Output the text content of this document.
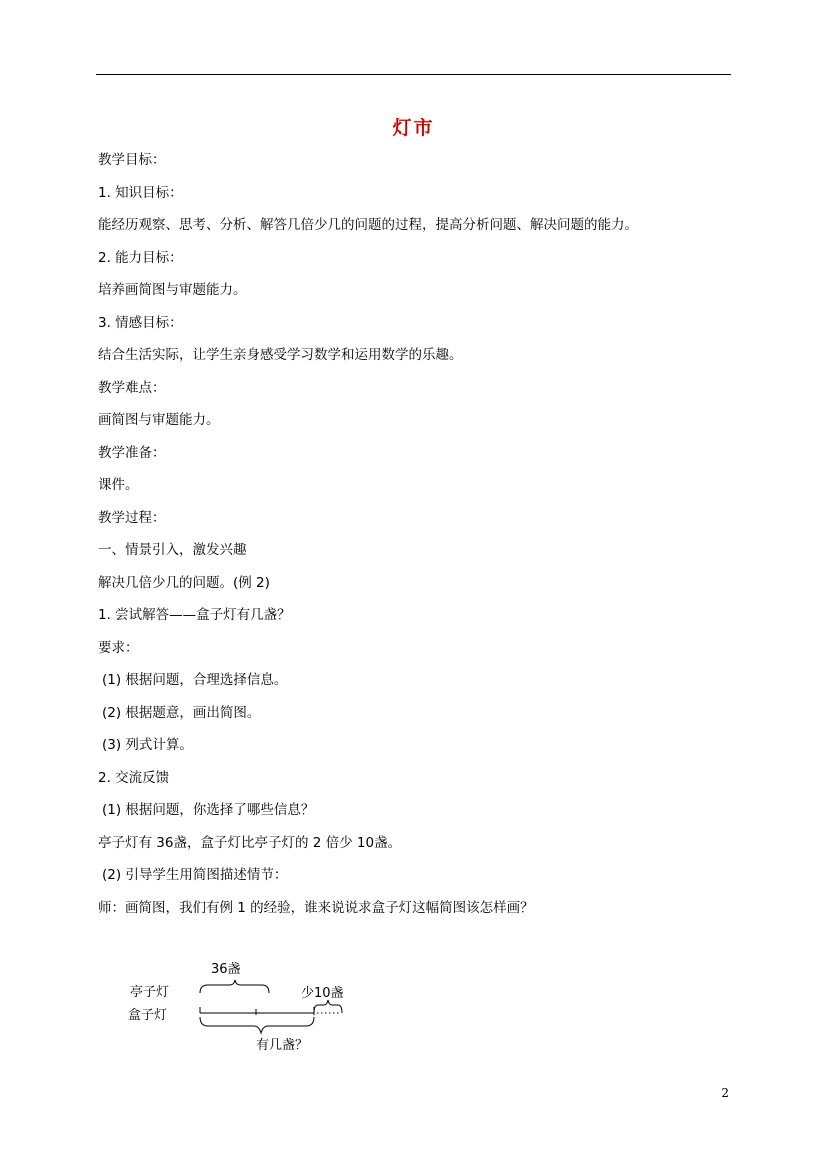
灯市
教学目标：
1. 知识目标：
能经历观察、思考、分析、解答几倍少几的问题的过程，提高分析问题、解决问题的能力。
2. 能力目标：
培养画简图与审题能力。
3. 情感目标：
结合生活实际，让学生亲身感受学习数学和运用数学的乐趣。
教学难点：
画简图与审题能力。
教学准备：
课件。
教学过程：
一、情景引入，激发兴趣
解决几倍少几的问题。(例 2)
1. 尝试解答——盒子灯有几盏？
要求：
(1) 根据问题，合理选择信息。
(2) 根据题意，画出简图。
(3) 列式计算。
2. 交流反馈
(1) 根据问题，你选择了哪些信息？
亭子灯有 36盏，盒子灯比亭子灯的 2 倍少 10盏。
(2) 引导学生用简图描述情节：
师：画简图，我们有例 1 的经验，谁来说说求盒子灯这幅简图该怎样画？
36盏
亭子灯
盒子灯
少10盏
有几盏？
2
